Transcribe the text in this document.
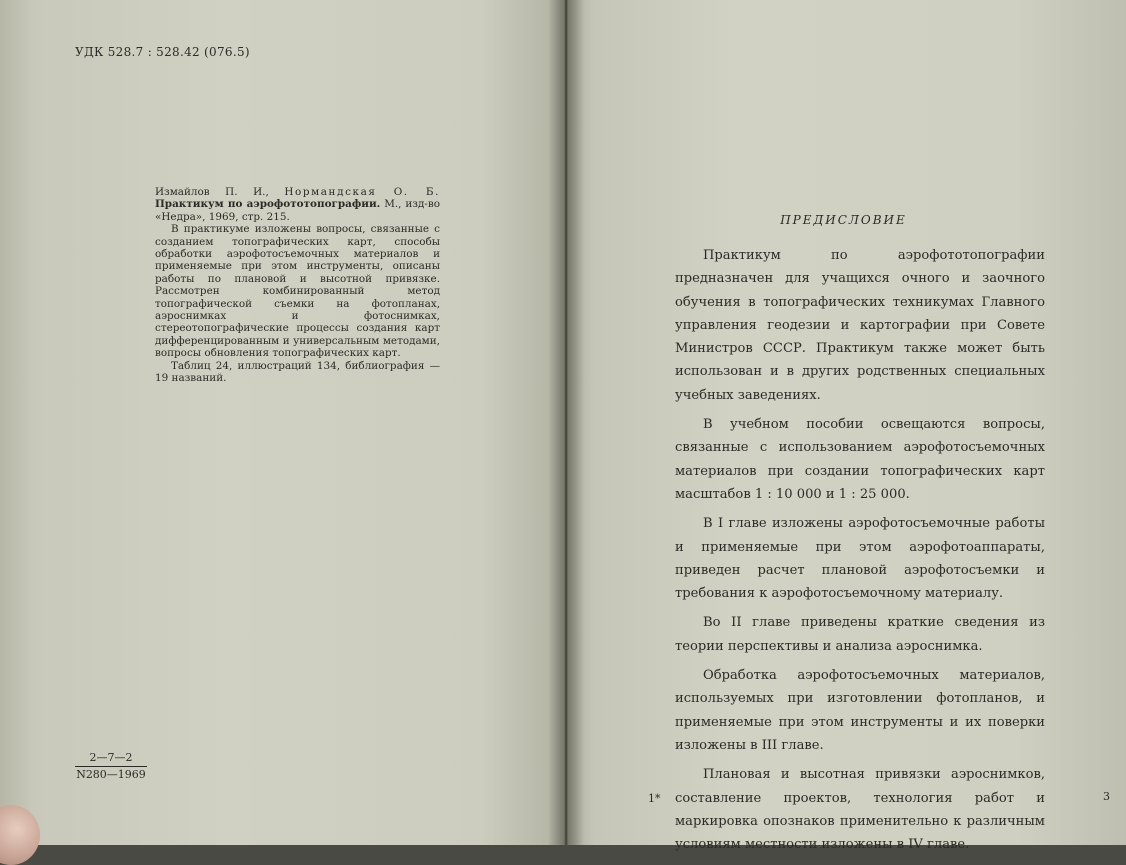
УДК 528.7 : 528.42 (076.5)

Измайлов П. И., Нормандская О. Б. Практикум по аэрофототопографии. М., изд-во «Недра», 1969, стр. 215.

В практикуме изложены вопросы, связанные с созданием топографических карт, способы обработки аэрофотосъемочных материалов и применяемые при этом инструменты, описаны работы по плановой и высотной привязке. Рассмотрен комбинированный метод топографической съемки на фотопланах, аэроснимках и фотоснимках, стереотопографические процессы создания карт дифференцированным и универсальным методами, вопросы обновления топографических карт.

Таблиц 24, иллюстраций 134, библиография — 19 названий.

2—7—2
N280—1969
ПРЕДИСЛОВИЕ

Практикум по аэрофототопографии предназначен для учащихся очного и заочного обучения в топографических техникумах Главного управления геодезии и картографии при Совете Министров СССР. Практикум также может быть использован и в других родственных специальных учебных заведениях.

В учебном пособии освещаются вопросы, связанные с использованием аэрофотосъемочных материалов при создании топографических карт масштабов 1 : 10 000 и 1 : 25 000.

В I главе изложены аэрофотосъемочные работы и применяемые при этом аэрофотоаппараты, приведен расчет плановой аэрофотосъемки и требования к аэрофотосъемочному материалу.

Во II главе приведены краткие сведения из теории перспективы и анализа аэроснимка.

Обработка аэрофотосъемочных материалов, используемых при изготовлении фотопланов, и применяемые при этом инструменты и их поверки изложены в III главе.

Плановая и высотная привязки аэроснимков, составление проектов, технология работ и маркировка опознаков применительно к различным условиям местности изложены в IV главе.

1*	3
